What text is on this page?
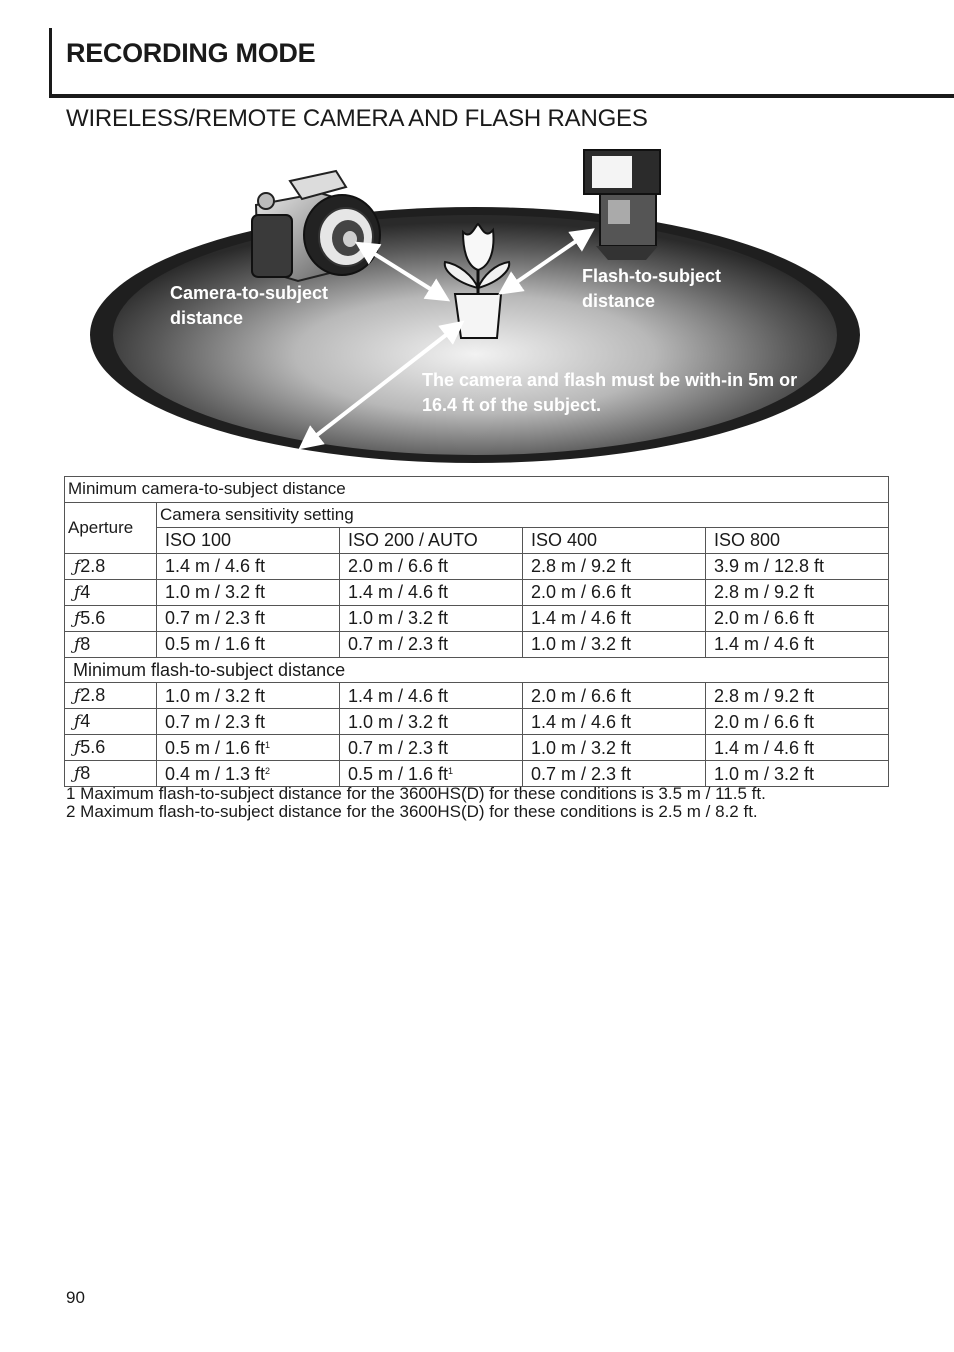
RECORDING MODE
WIRELESS/REMOTE CAMERA AND FLASH RANGES
Camera-to-subject distance
Flash-to-subject distance
The camera and flash must be with-in 5m or 16.4 ft of the subject.
Minimum camera-to-subject distance				
Aperture	Camera sensitivity setting			
	ISO 100	ISO 200 / AUTO	ISO 400	ISO 800
ƒ2.8	1.4 m / 4.6 ft	2.0 m / 6.6 ft	2.8 m / 9.2 ft	3.9 m / 12.8 ft
ƒ4	1.0 m / 3.2 ft	1.4 m / 4.6 ft	2.0 m / 6.6 ft	2.8 m / 9.2 ft
ƒ5.6	0.7 m / 2.3 ft	1.0 m / 3.2 ft	1.4 m / 4.6 ft	2.0 m / 6.6 ft
ƒ8	0.5 m / 1.6 ft	0.7 m / 2.3 ft	1.0 m / 3.2 ft	1.4 m / 4.6 ft
Minimum flash-to-subject distance				
ƒ2.8	1.0 m / 3.2 ft	1.4 m / 4.6 ft	2.0 m / 6.6 ft	2.8 m / 9.2 ft
ƒ4	0.7 m / 2.3 ft	1.0 m / 3.2 ft	1.4 m / 4.6 ft	2.0 m / 6.6 ft
ƒ5.6	0.5 m / 1.6 ft$^1$	0.7 m / 2.3 ft	1.0 m / 3.2 ft	1.4 m / 4.6 ft
ƒ8	0.4 m / 1.3 ft$^2$	0.5 m / 1.6 ft$^1$	0.7 m / 2.3 ft	1.0 m / 3.2 ft
1 Maximum flash-to-subject distance for the 3600HS(D) for these conditions is 3.5 m / 11.5 ft.
2 Maximum flash-to-subject distance for the 3600HS(D) for these conditions is 2.5 m / 8.2 ft.
90
